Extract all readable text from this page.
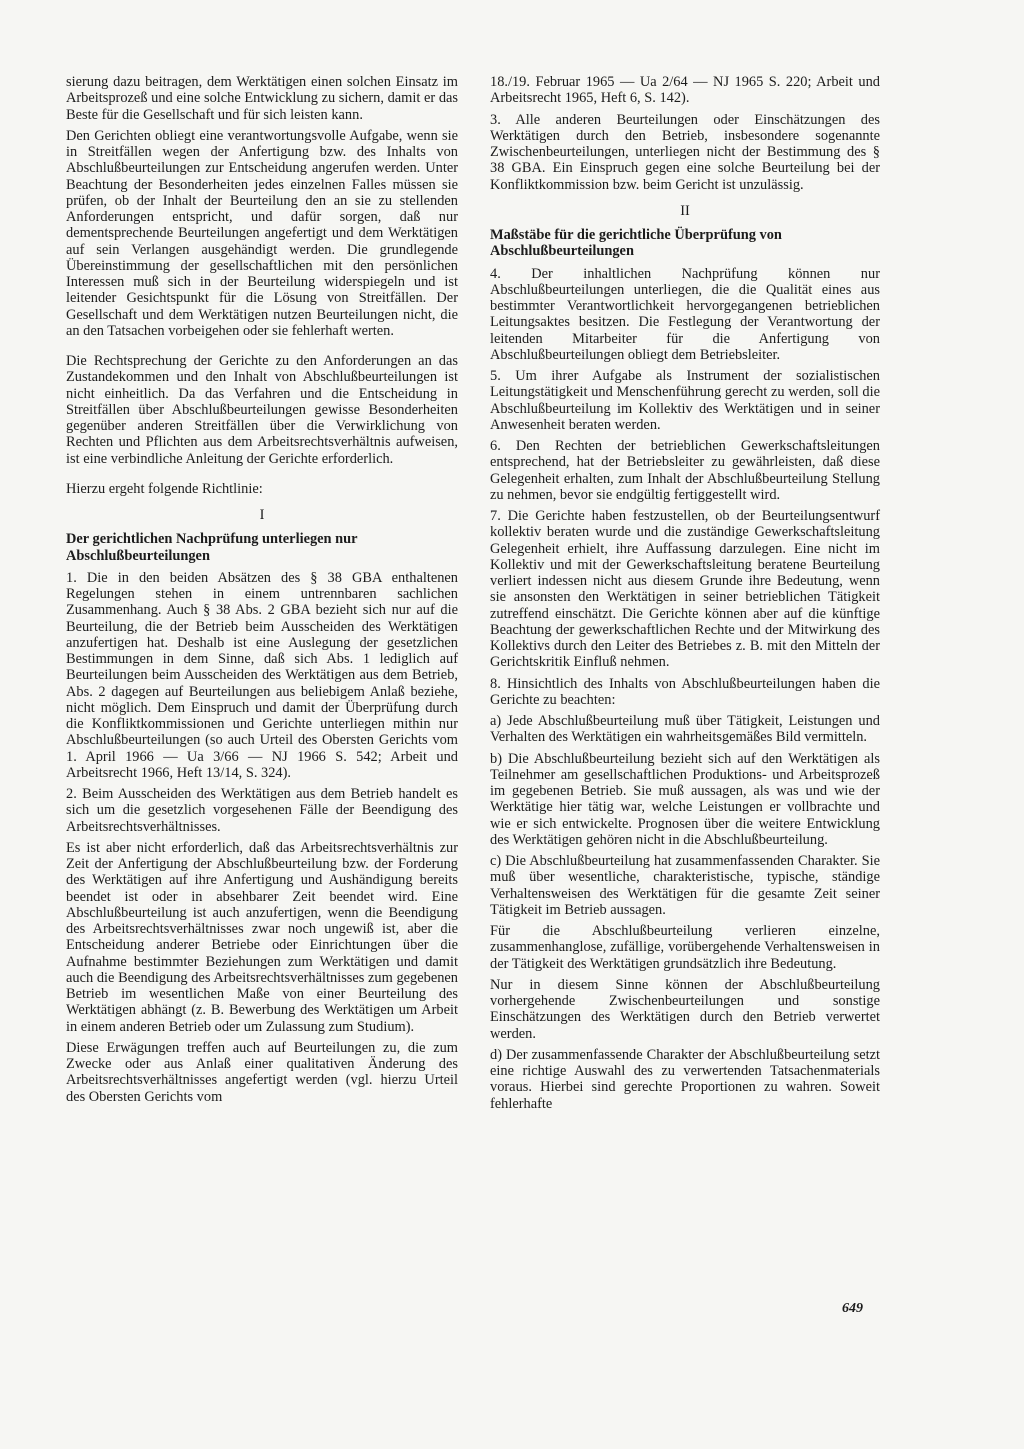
sierung dazu beitragen, dem Werktätigen einen solchen Einsatz im Arbeitsprozeß und eine solche Entwicklung zu sichern, damit er das Beste für die Gesellschaft und für sich leisten kann.

Den Gerichten obliegt eine verantwortungsvolle Aufgabe, wenn sie in Streitfällen wegen der Anfertigung bzw. des Inhalts von Abschlußbeurteilungen zur Entscheidung angerufen werden. Unter Beachtung der Besonderheiten jedes einzelnen Falles müssen sie prüfen, ob der Inhalt der Beurteilung den an sie zu stellenden Anforderungen entspricht, und dafür sorgen, daß nur dementsprechende Beurteilungen angefertigt und dem Werktätigen auf sein Verlangen ausgehändigt werden. Die grundlegende Übereinstimmung der gesellschaftlichen mit den persönlichen Interessen muß sich in der Beurteilung widerspiegeln und ist leitender Gesichtspunkt für die Lösung von Streitfällen. Der Gesellschaft und dem Werktätigen nutzen Beurteilungen nicht, die an den Tatsachen vorbeigehen oder sie fehlerhaft werten.

Die Rechtsprechung der Gerichte zu den Anforderungen an das Zustandekommen und den Inhalt von Abschlußbeurteilungen ist nicht einheitlich. Da das Verfahren und die Entscheidung in Streitfällen über Abschlußbeurteilungen gewisse Besonderheiten gegenüber anderen Streitfällen über die Verwirklichung von Rechten und Pflichten aus dem Arbeitsrechtsverhältnis aufweisen, ist eine verbindliche Anleitung der Gerichte erforderlich.

Hierzu ergeht folgende Richtlinie:

I
Der gerichtlichen Nachprüfung unterliegen nur Abschlußbeurteilungen

1. Die in den beiden Absätzen des § 38 GBA enthaltenen Regelungen stehen in einem untrennbaren sachlichen Zusammenhang. Auch § 38 Abs. 2 GBA bezieht sich nur auf die Beurteilung, die der Betrieb beim Ausscheiden des Werktätigen anzufertigen hat. Deshalb ist eine Auslegung der gesetzlichen Bestimmungen in dem Sinne, daß sich Abs. 1 lediglich auf Beurteilungen beim Ausscheiden des Werktätigen aus dem Betrieb, Abs. 2 dagegen auf Beurteilungen aus beliebigem Anlaß beziehe, nicht möglich. Dem Einspruch und damit der Überprüfung durch die Konfliktkommissionen und Gerichte unterliegen mithin nur Abschlußbeurteilungen (so auch Urteil des Obersten Gerichts vom 1. April 1966 — Ua 3/66 — NJ 1966 S. 542; Arbeit und Arbeitsrecht 1966, Heft 13/14, S. 324).

2. Beim Ausscheiden des Werktätigen aus dem Betrieb handelt es sich um die gesetzlich vorgesehenen Fälle der Beendigung des Arbeitsrechtsverhältnisses.

Es ist aber nicht erforderlich, daß das Arbeitsrechtsverhältnis zur Zeit der Anfertigung der Abschlußbeurteilung bzw. der Forderung des Werktätigen auf ihre Anfertigung und Aushändigung bereits beendet ist oder in absehbarer Zeit beendet wird. Eine Abschlußbeurteilung ist auch anzufertigen, wenn die Beendigung des Arbeitsrechtsverhältnisses zwar noch ungewiß ist, aber die Entscheidung anderer Betriebe oder Einrichtungen über die Aufnahme bestimmter Beziehungen zum Werktätigen und damit auch die Beendigung des Arbeitsrechtsverhältnisses zum gegebenen Betrieb im wesentlichen Maße von einer Beurteilung des Werktätigen abhängt (z. B. Bewerbung des Werktätigen um Arbeit in einem anderen Betrieb oder um Zulassung zum Studium).

Diese Erwägungen treffen auch auf Beurteilungen zu, die zum Zwecke oder aus Anlaß einer qualitativen Änderung des Arbeitsrechtsverhältnisses angefertigt werden (vgl. hierzu Urteil des Obersten Gerichts vom

18./19. Februar 1965 — Ua 2/64 — NJ 1965 S. 220; Arbeit und Arbeitsrecht 1965, Heft 6, S. 142).

3. Alle anderen Beurteilungen oder Einschätzungen des Werktätigen durch den Betrieb, insbesondere sogenannte Zwischenbeurteilungen, unterliegen nicht der Bestimmung des § 38 GBA. Ein Einspruch gegen eine solche Beurteilung bei der Konfliktkommission bzw. beim Gericht ist unzulässig.

II
Maßstäbe für die gerichtliche Überprüfung von Abschlußbeurteilungen

4. Der inhaltlichen Nachprüfung können nur Abschlußbeurteilungen unterliegen, die die Qualität eines aus bestimmter Verantwortlichkeit hervorgegangenen betrieblichen Leitungsaktes besitzen. Die Festlegung der Verantwortung der leitenden Mitarbeiter für die Anfertigung von Abschlußbeurteilungen obliegt dem Betriebsleiter.

5. Um ihrer Aufgabe als Instrument der sozialistischen Leitungstätigkeit und Menschenführung gerecht zu werden, soll die Abschlußbeurteilung im Kollektiv des Werktätigen und in seiner Anwesenheit beraten werden.

6. Den Rechten der betrieblichen Gewerkschaftsleitungen entsprechend, hat der Betriebsleiter zu gewährleisten, daß diese Gelegenheit erhalten, zum Inhalt der Abschlußbeurteilung Stellung zu nehmen, bevor sie endgültig fertiggestellt wird.

7. Die Gerichte haben festzustellen, ob der Beurteilungsentwurf kollektiv beraten wurde und die zuständige Gewerkschaftsleitung Gelegenheit erhielt, ihre Auffassung darzulegen. Eine nicht im Kollektiv und mit der Gewerkschaftsleitung beratene Beurteilung verliert indessen nicht aus diesem Grunde ihre Bedeutung, wenn sie ansonsten den Werktätigen in seiner betrieblichen Tätigkeit zutreffend einschätzt. Die Gerichte können aber auf die künftige Beachtung der gewerkschaftlichen Rechte und der Mitwirkung des Kollektivs durch den Leiter des Betriebes z. B. mit den Mitteln der Gerichtskritik Einfluß nehmen.

8. Hinsichtlich des Inhalts von Abschlußbeurteilungen haben die Gerichte zu beachten:

a) Jede Abschlußbeurteilung muß über Tätigkeit, Leistungen und Verhalten des Werktätigen ein wahrheitsgemäßes Bild vermitteln.

b) Die Abschlußbeurteilung bezieht sich auf den Werktätigen als Teilnehmer am gesellschaftlichen Produktions- und Arbeitsprozeß im gegebenen Betrieb. Sie muß aussagen, als was und wie der Werktätige hier tätig war, welche Leistungen er vollbrachte und wie er sich entwickelte. Prognosen über die weitere Entwicklung des Werktätigen gehören nicht in die Abschlußbeurteilung.

c) Die Abschlußbeurteilung hat zusammenfassenden Charakter. Sie muß über wesentliche, charakteristische, typische, ständige Verhaltensweisen des Werktätigen für die gesamte Zeit seiner Tätigkeit im Betrieb aussagen.

Für die Abschlußbeurteilung verlieren einzelne, zusammenhanglose, zufällige, vorübergehende Verhaltensweisen in der Tätigkeit des Werktätigen grundsätzlich ihre Bedeutung.

Nur in diesem Sinne können der Abschlußbeurteilung vorhergehende Zwischenbeurteilungen und sonstige Einschätzungen des Werktätigen durch den Betrieb verwertet werden.

d) Der zusammenfassende Charakter der Abschlußbeurteilung setzt eine richtige Auswahl des zu verwertenden Tatsachenmaterials voraus. Hierbei sind gerechte Proportionen zu wahren. Soweit fehlerhafte

649
